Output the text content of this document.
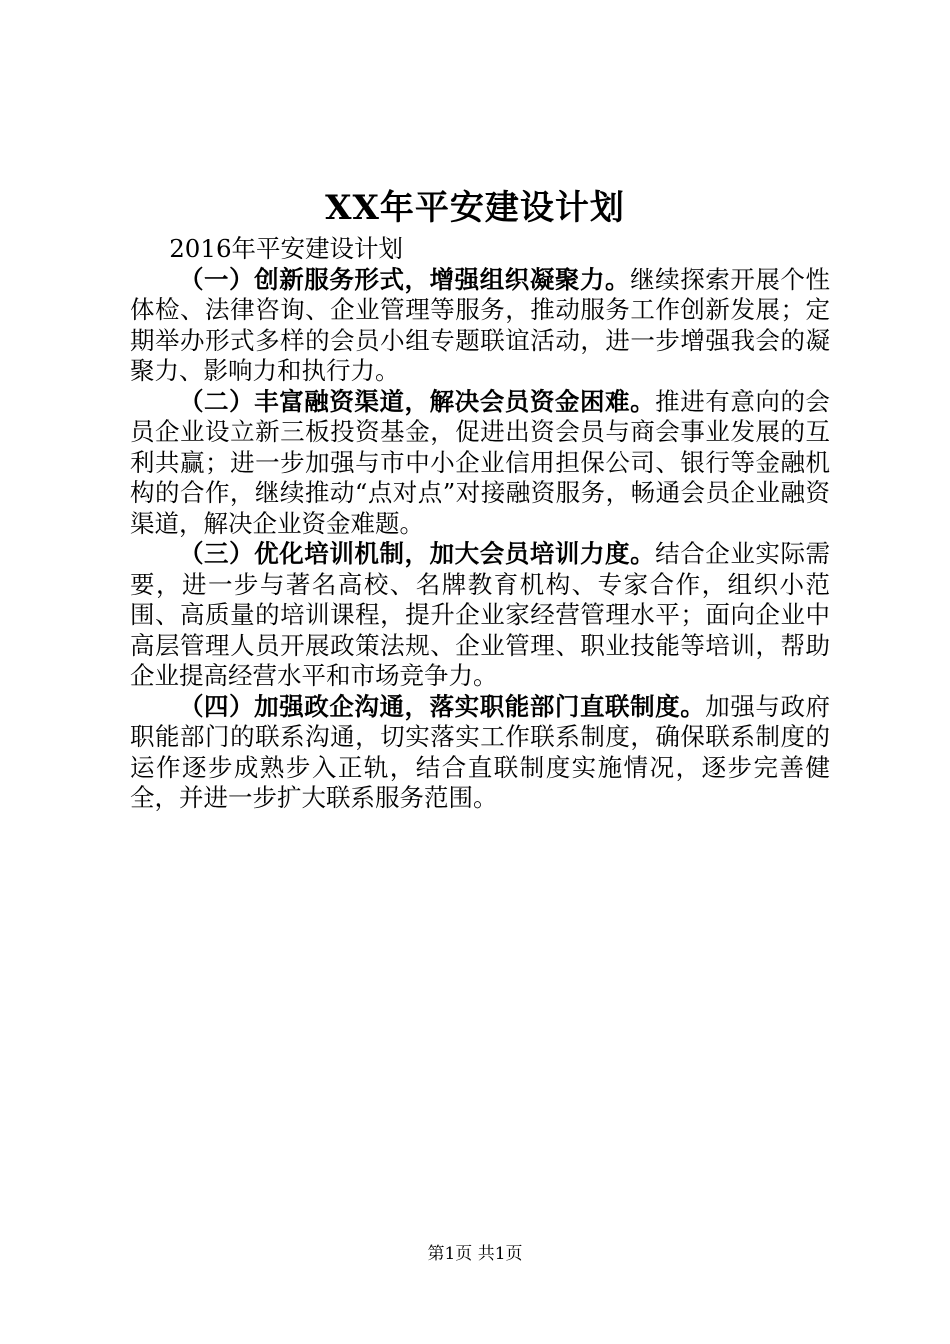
XX年平安建设计划

2016年平安建设计划

（一）创新服务形式，增强组织凝聚力。继续探索开展个性体检、法律咨询、企业管理等服务，推动服务工作创新发展；定期举办形式多样的会员小组专题联谊活动，进一步增强我会的凝聚力、影响力和执行力。

（二）丰富融资渠道，解决会员资金困难。推进有意向的会员企业设立新三板投资基金，促进出资会员与商会事业发展的互利共赢；进一步加强与市中小企业信用担保公司、银行等金融机构的合作，继续推动“点对点”对接融资服务，畅通会员企业融资渠道，解决企业资金难题。

（三）优化培训机制，加大会员培训力度。结合企业实际需要，进一步与著名高校、名牌教育机构、专家合作，组织小范围、高质量的培训课程，提升企业家经营管理水平；面向企业中高层管理人员开展政策法规、企业管理、职业技能等培训，帮助企业提高经营水平和市场竞争力。

（四）加强政企沟通，落实职能部门直联制度。加强与政府职能部门的联系沟通，切实落实工作联系制度，确保联系制度的运作逐步成熟步入正轨，结合直联制度实施情况，逐步完善健全，并进一步扩大联系服务范围。

第1页 共1页
